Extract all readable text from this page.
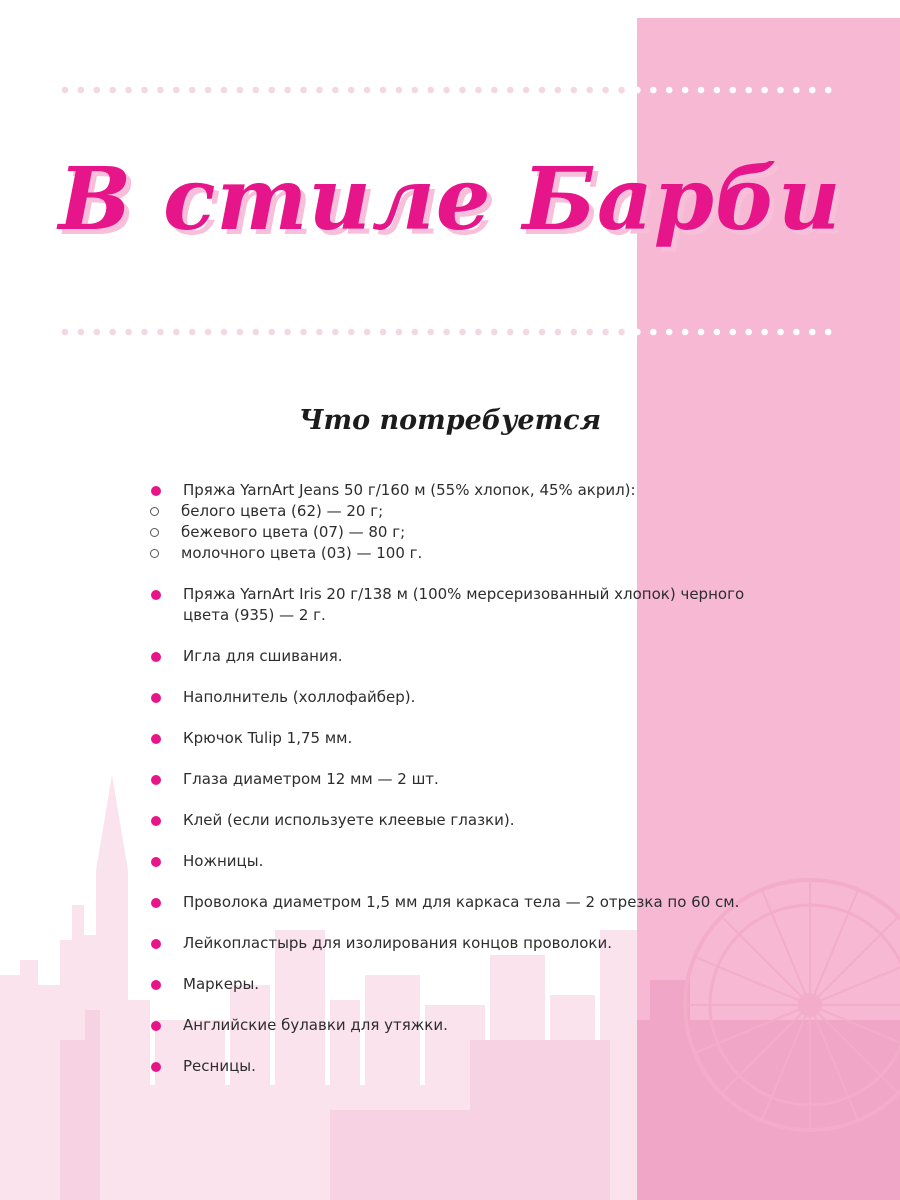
В стиле Барби
Что потребуется
Пряжа YarnArt Jeans 50 г/160 м (55% хлопок, 45% акрил):
белого цвета (62) — 20 г;
бежевого цвета (07) — 80 г;
молочного цвета (03) — 100 г.
Пряжа YarnArt Iris 20 г/138 м (100% мерсеризованный хлопок) черного цвета (935) — 2 г.
Игла для сшивания.
Наполнитель (холлофайбер).
Крючок Tulip 1,75 мм.
Глаза диаметром 12 мм — 2 шт.
Клей (если используете клеевые глазки).
Ножницы.
Проволока диаметром 1,5 мм для каркаса тела — 2 отрезка по 60 см.
Лейкопластырь для изолирования концов проволоки.
Маркеры.
Английские булавки для утяжки.
Ресницы.
